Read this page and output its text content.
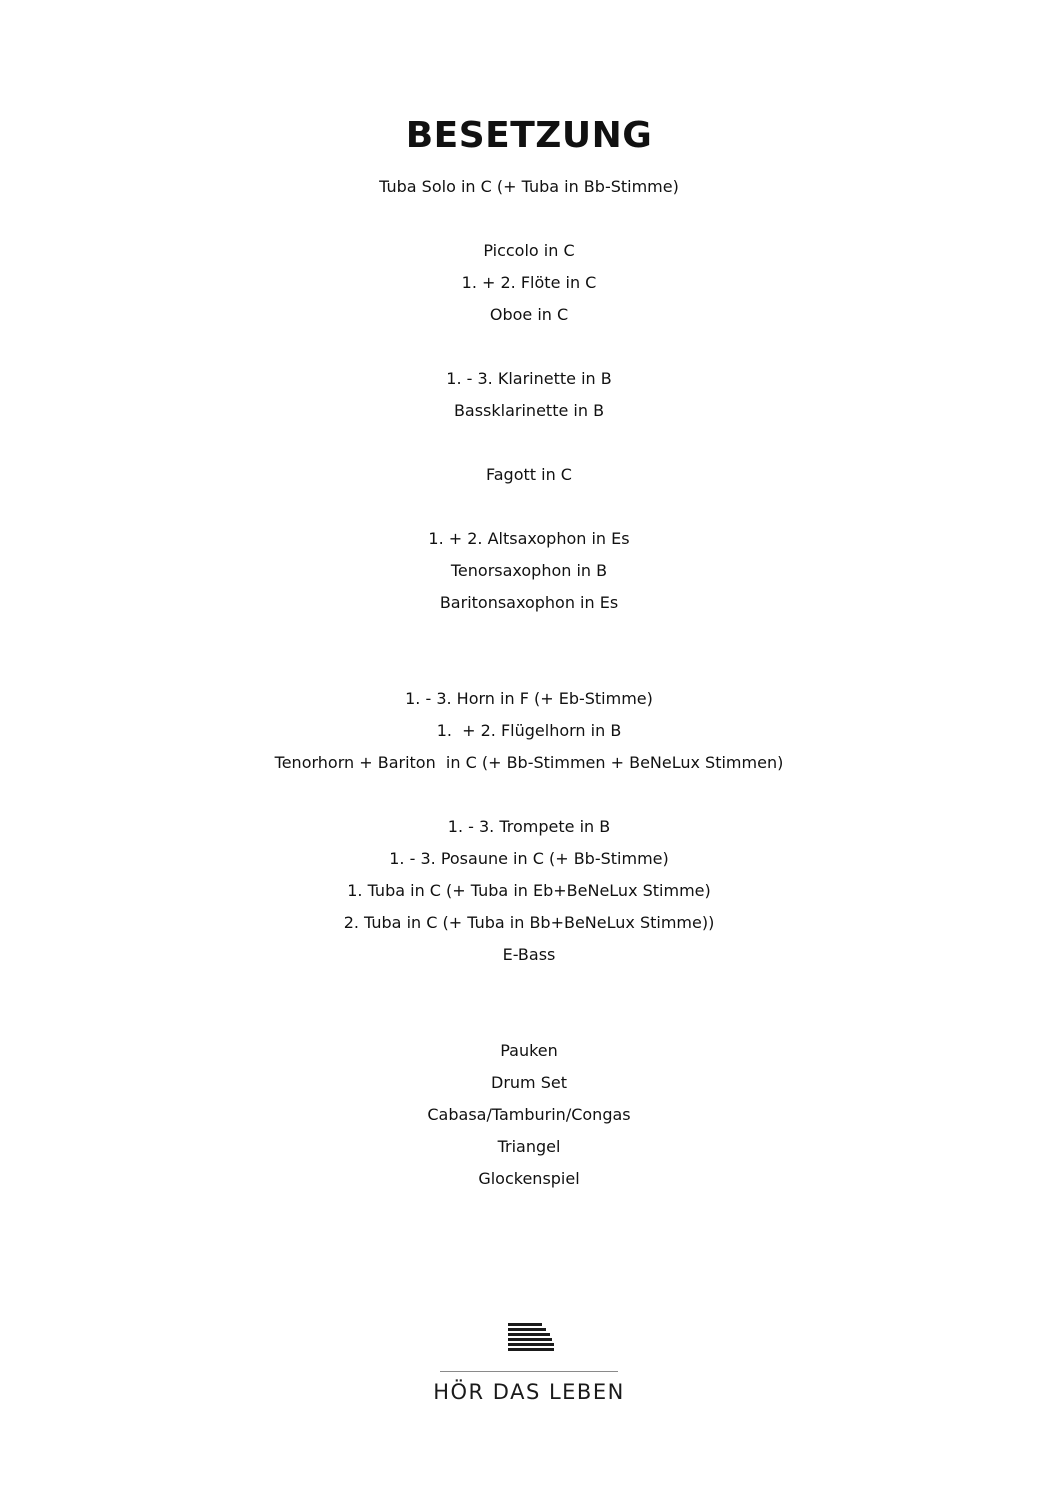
BESETZUNG
Tuba Solo in C (+ Tuba in Bb-Stimme)
Piccolo in C
1. + 2. Flöte in C
Oboe in C
1. - 3. Klarinette in B
Bassklarinette in B
Fagott in C
1. + 2. Altsaxophon in Es
Tenorsaxophon in B
Baritonsaxophon in Es
1. - 3. Horn in F (+ Eb-Stimme)
1.  + 2. Flügelhorn in B
Tenorhorn + Bariton  in C (+ Bb-Stimmen + BeNeLux Stimmen)
1. - 3. Trompete in B
1. - 3. Posaune in C (+ Bb-Stimme)
1. Tuba in C (+ Tuba in Eb+BeNeLux Stimme)
2. Tuba in C (+ Tuba in Bb+BeNeLux Stimme))
E-Bass
Pauken
Drum Set
Cabasa/Tamburin/Congas
Triangel
Glockenspiel
HÖR DAS LEBEN
